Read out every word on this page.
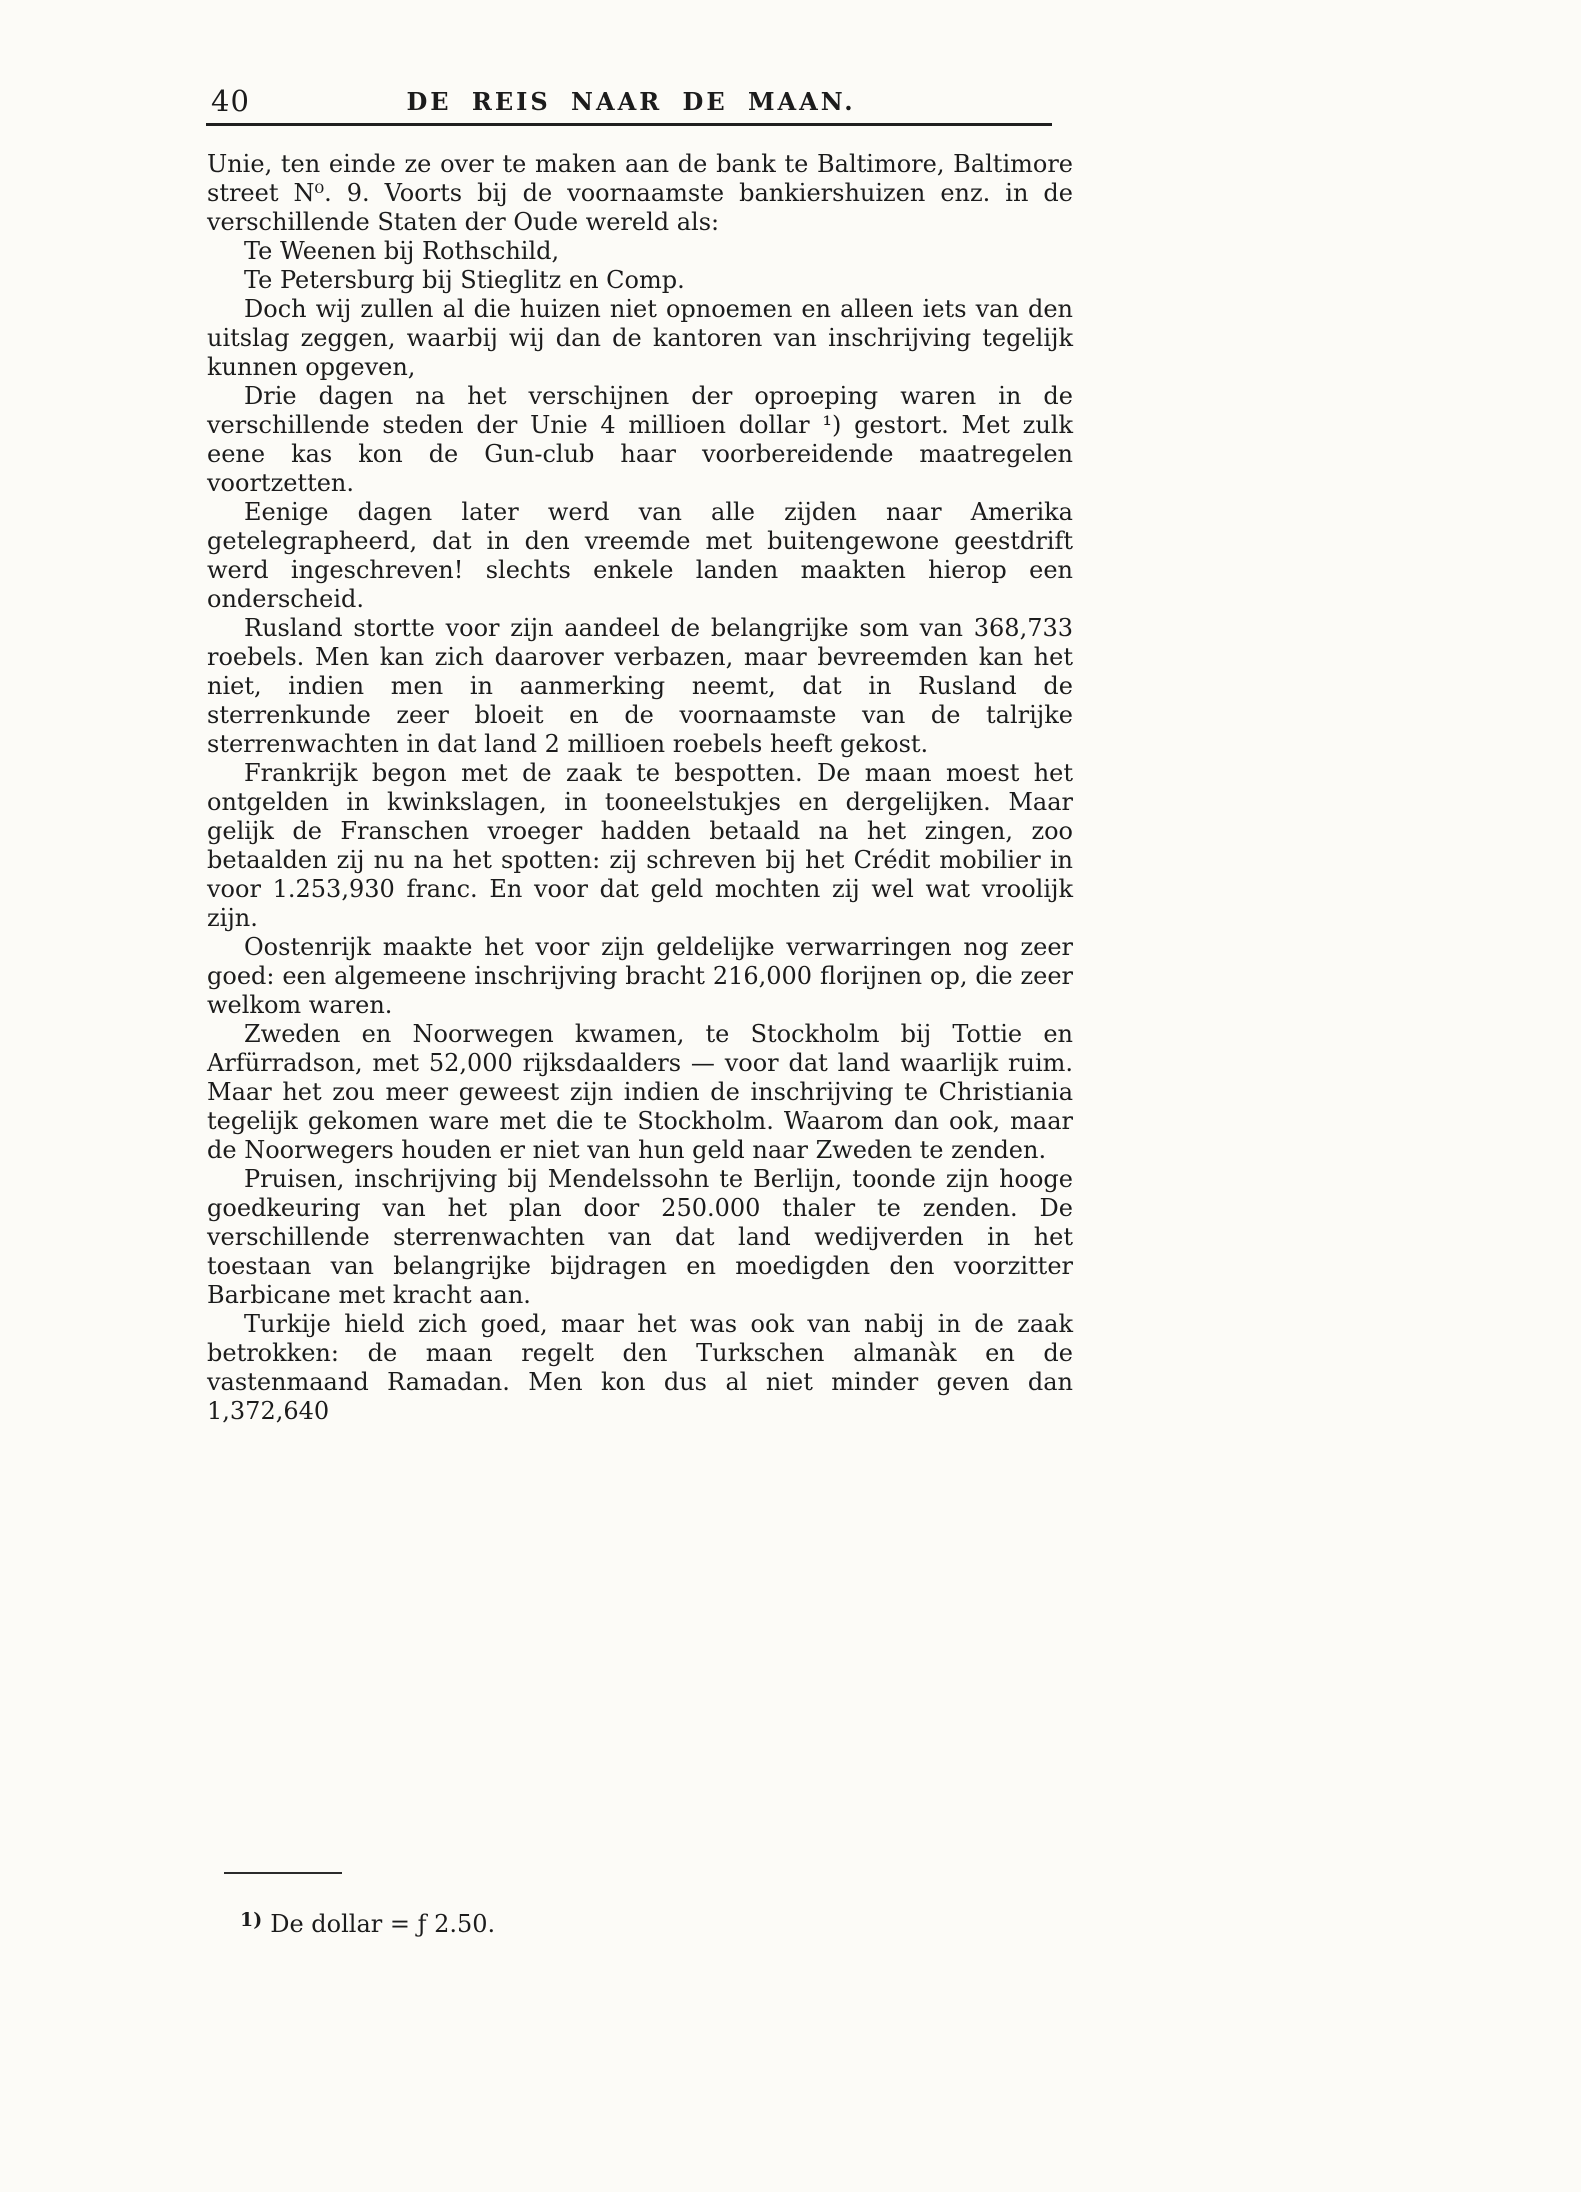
40	DE REIS NAAR DE MAAN.

Unie, ten einde ze over te maken aan de bank te Baltimore, Baltimore street N⁰. 9. Voorts bij de voornaamste bankiershuizen enz. in de verschillende Staten der Oude wereld als:

Te Weenen bij Rothschild,

Te Petersburg bij Stieglitz en Comp.

Doch wij zullen al die huizen niet opnoemen en alleen iets van den uitslag zeggen, waarbij wij dan de kantoren van inschrijving tegelijk kunnen opgeven,

Drie dagen na het verschijnen der oproeping waren in de verschillende steden der Unie 4 millioen dollar ¹) gestort. Met zulk eene kas kon de Gun-club haar voorbereidende maatregelen voortzetten.

Eenige dagen later werd van alle zijden naar Amerika getelegrapheerd, dat in den vreemde met buitengewone geestdrift werd ingeschreven! slechts enkele landen maakten hierop een onderscheid.

Rusland stortte voor zijn aandeel de belangrijke som van 368,733 roebels. Men kan zich daarover verbazen, maar bevreemden kan het niet, indien men in aanmerking neemt, dat in Rusland de sterrenkunde zeer bloeit en de voornaamste van de talrijke sterrenwachten in dat land 2 millioen roebels heeft gekost.

Frankrijk begon met de zaak te bespotten. De maan moest het ontgelden in kwinkslagen, in tooneelstukjes en dergelijken. Maar gelijk de Franschen vroeger hadden betaald na het zingen, zoo betaalden zij nu na het spotten: zij schreven bij het Crédit mobilier in voor 1.253,930 franc. En voor dat geld mochten zij wel wat vroolijk zijn.

Oostenrijk maakte het voor zijn geldelijke verwarringen nog zeer goed: een algemeene inschrijving bracht 216,000 florijnen op, die zeer welkom waren.

Zweden en Noorwegen kwamen, te Stockholm bij Tottie en Arfürradson, met 52,000 rijksdaalders — voor dat land waarlijk ruim. Maar het zou meer geweest zijn indien de inschrijving te Christiania tegelijk gekomen ware met die te Stockholm. Waarom dan ook, maar de Noorwegers houden er niet van hun geld naar Zweden te zenden.

Pruisen, inschrijving bij Mendelssohn te Berlijn, toonde zijn hooge goedkeuring van het plan door 250.000 thaler te zenden. De verschillende sterrenwachten van dat land wedijverden in het toestaan van belangrijke bijdragen en moedigden den voorzitter Barbicane met kracht aan.

Turkije hield zich goed, maar het was ook van nabij in de zaak betrokken: de maan regelt den Turkschen almanàk en de vastenmaand Ramadan. Men kon dus al niet minder geven dan 1,372,640

$^{1)}$ De dollar = ƒ 2.50.
